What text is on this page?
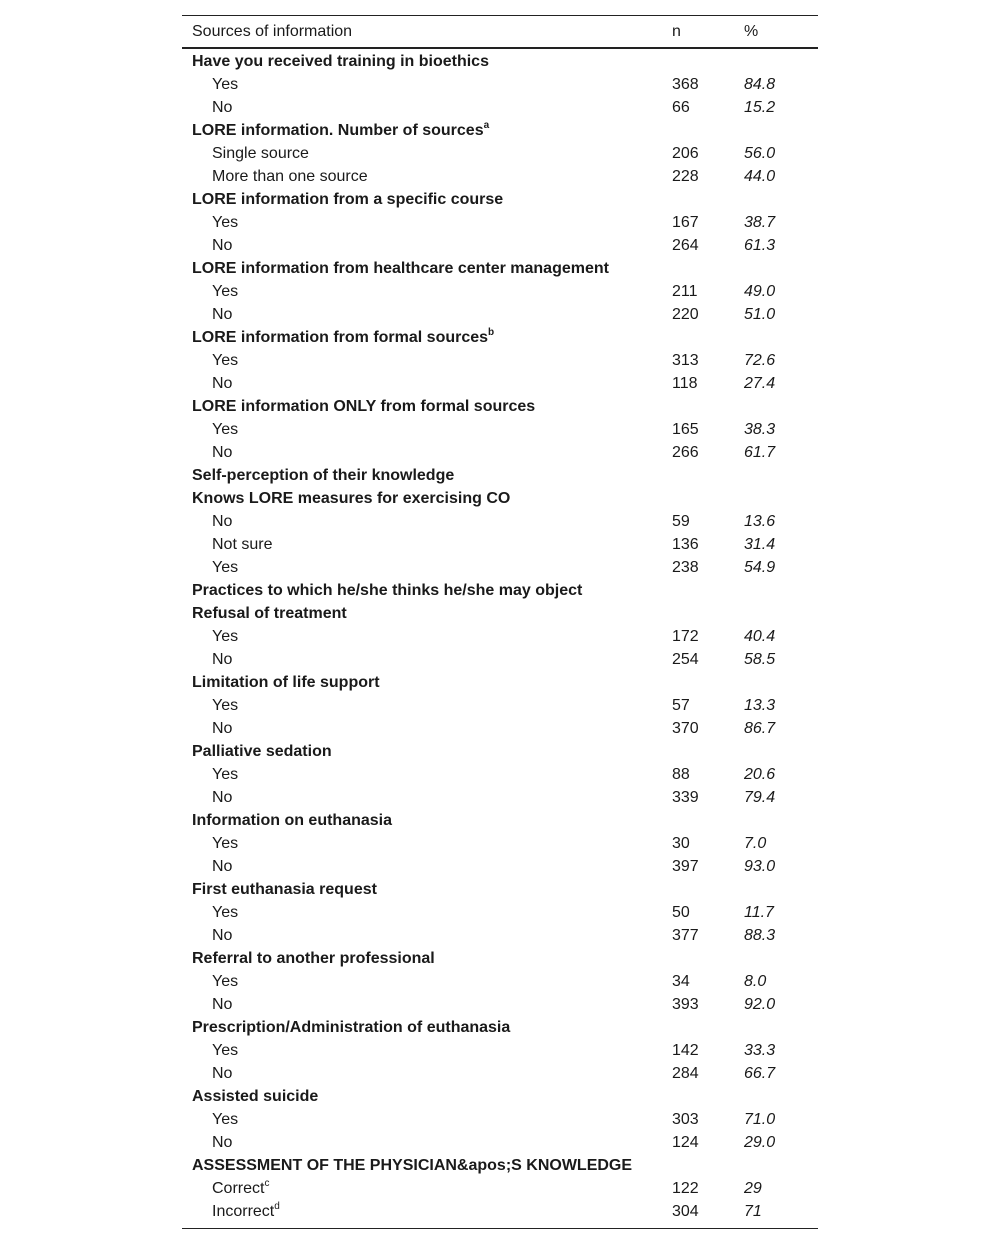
Sources of information	n	%
Have you received training in bioethics		
Yes	368	84.8
No	66	15.2
LORE information. Number of sources$^a$		
Single source	206	56.0
More than one source	228	44.0
LORE information from a specific course		
Yes	167	38.7
No	264	61.3
LORE information from healthcare center management		
Yes	211	49.0
No	220	51.0
LORE information from formal sources$^b$		
Yes	313	72.6
No	118	27.4
LORE information ONLY from formal sources		
Yes	165	38.3
No	266	61.7
Self-perception of their knowledge		
Knows LORE measures for exercising CO		
No	59	13.6
Not sure	136	31.4
Yes	238	54.9
Practices to which he/she thinks he/she may object		
Refusal of treatment		
Yes	172	40.4
No	254	58.5
Limitation of life support		
Yes	57	13.3
No	370	86.7
Palliative sedation		
Yes	88	20.6
No	339	79.4
Information on euthanasia		
Yes	30	7.0
No	397	93.0
First euthanasia request		
Yes	50	11.7
No	377	88.3
Referral to another professional		
Yes	34	8.0
No	393	92.0
Prescription/Administration of euthanasia		
Yes	142	33.3
No	284	66.7
Assisted suicide		
Yes	303	71.0
No	124	29.0
ASSESSMENT OF THE PHYSICIAN&apos;S KNOWLEDGE		
Correct$^c$	122	29
Incorrect$^d$	304	71
